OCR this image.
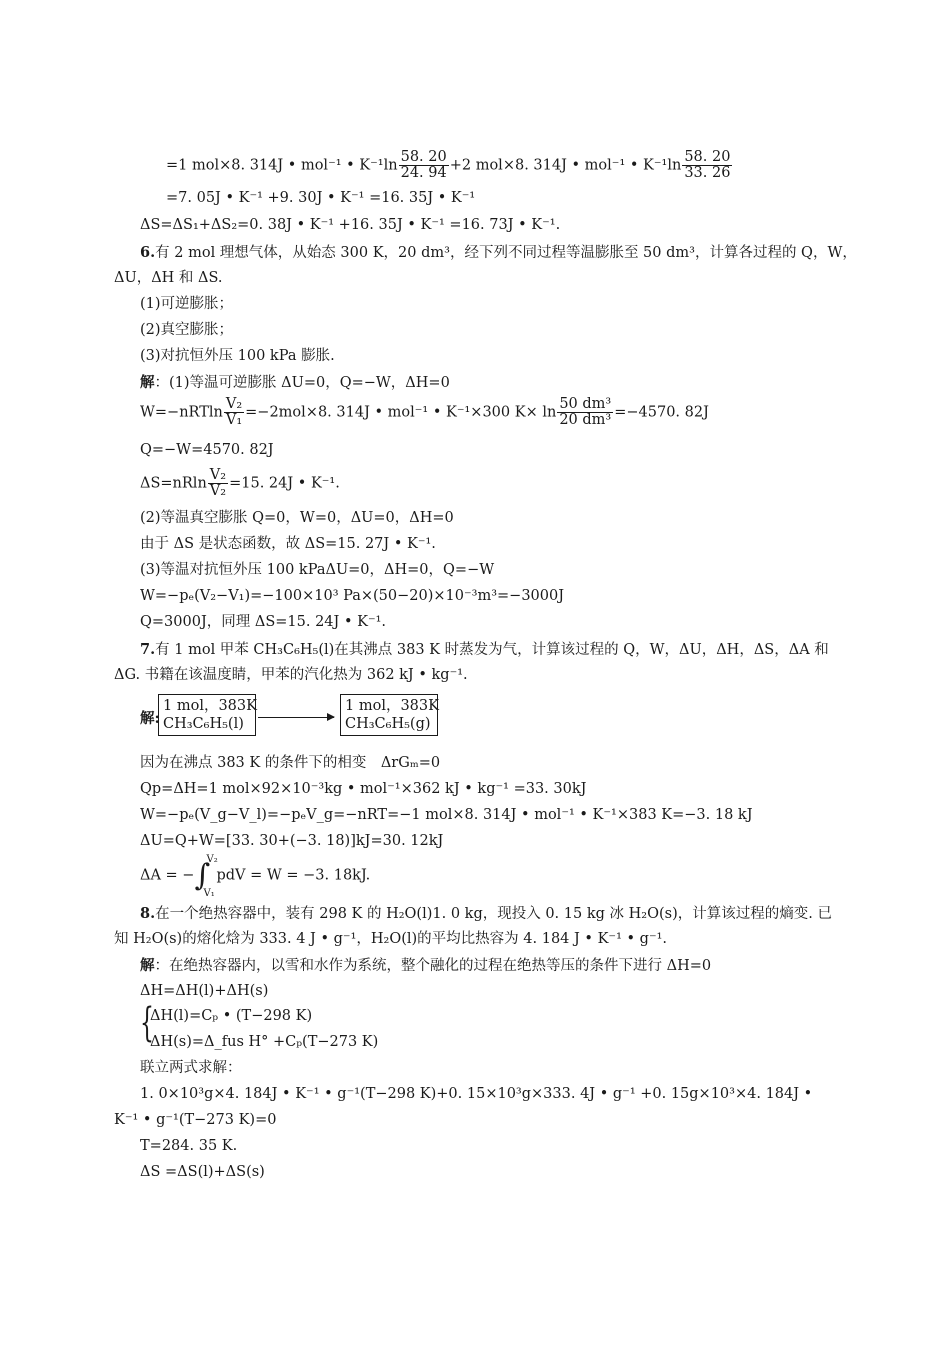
=1 mol×8. 314J • mol⁻¹ • $K^{-1}\ln \frac{58. 20}{24. 94} +2$ mol×8. 314J • mol⁻¹ • $K^{-1}\ln \frac{58. 20}{33. 26}$
=7. 05J • K⁻¹ +9. 30J • K⁻¹ =16. 35J • K⁻¹
ΔS=ΔS₁+ΔS₂=0. 38J • K⁻¹ +16. 35J • K⁻¹ =16. 73J • K⁻¹.
6.有 2 mol 理想气体，从始态 300 K，20 dm³，经下列不同过程等温膨胀至 50 dm³，计算各过程的 Q，W，
ΔU，ΔH 和 ΔS.
(1)可逆膨胀；
(2)真空膨胀；
(3)对抗恒外压 100 kPa 膨胀.
解：(1)等温可逆膨胀 ΔU=0，Q=−W，ΔH=0
$W=-nRTln \frac{\text{V₂}}{\text{V₁}} =-2mol\times 8$. 314J • mol⁻¹ • K⁻¹×300 $K\times \ln \frac{\text{50 dm³}}{\text{20 dm³}} =-4570$. 82J
Q=−W=4570. 82J
$\Delta S=nRln \frac{\text{V₂}}{\text{V₂}} =15$. 24J • K⁻¹.
(2)等温真空膨胀 Q=0，W=0，ΔU=0，ΔH=0
由于 ΔS 是状态函数，故 ΔS=15. 27J • K⁻¹.
(3)等温对抗恒外压 100 kPaΔU=0，ΔH=0，Q=−W
W=−pₑ(V₂−V₁)=−100×10³ Pa×(50−20)×10⁻³m³=−3000J
Q=3000J，同理 ΔS=15. 24J • K⁻¹.
7.有 1 mol 甲苯 CH₃C₆H₅(l)在其沸点 383 K 时蒸发为气，计算该过程的 Q，W，ΔU，ΔH，ΔS，ΔA 和
ΔG. 书籍在该温度睛，甲苯的汽化热为 362 kJ • kg⁻¹.
解:
1 mol，383K
CH₃C₆H₅(l)
1 mol，383K
CH₃C₆H₅(g)
因为在沸点 383 K 的条件下的相变　ΔrGₘ=0
Qp=ΔH=1 mol×92×10⁻³kg • mol⁻¹×362 kJ • kg⁻¹ =33. 30kJ
W=−pₑ(V_g−V_l)=−pₑV_g=−nRT=−1 mol×8. 314J • mol⁻¹ • K⁻¹×383 K=−3. 18 kJ
ΔU=Q+W=[33. 30+(−3. 18)]kJ=30. 12kJ
ΔA = − ∫
V₂
V₁
pdV = W = −3. 18kJ.
8.在一个绝热容器中，装有 298 K 的 H₂O(l)1. 0 kg，现投入 0. 15 kg 冰 H₂O(s)，计算该过程的熵变. 已
知 H₂O(s)的熔化焓为 333. 4 J • g⁻¹，H₂O(l)的平均比热容为 4. 184 J • K⁻¹ • g⁻¹.
解：在绝热容器内，以雪和水作为系统，整个融化的过程在绝热等压的条件下进行 ΔH=0
ΔH=ΔH(l)+ΔH(s)
{
ΔH(l)=Cₚ • (T−298 K)
ΔH(s)=Δ_fus H° +Cₚ(T−273 K)
联立两式求解：
1. 0×10³g×4. 184J • K⁻¹ • g⁻¹(T−298 K)+0. 15×10³g×333. 4J • g⁻¹ +0. 15g×10³×4. 184J •
K⁻¹ • g⁻¹(T−273 K)=0
T=284. 35 K.
ΔS =ΔS(l)+ΔS(s)
